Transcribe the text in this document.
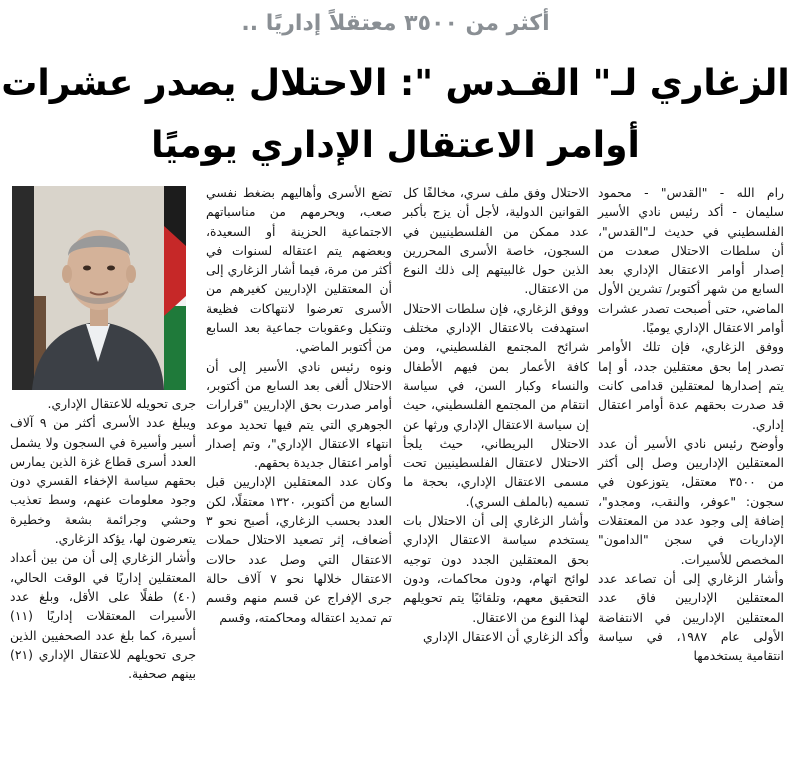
أكثر من ٣٥٠٠ معتقلاً إداريًا ..
الزغاري لـ" القـدس ": الاحتلال يصدر عشرات
أوامر الاعتقال الإداري يوميًا

رام الله - "القدس" - محمود سليمان - أكد رئيس نادي الأسير الفلسطيني في حديث لـ"القدس"، أن سلطات الاحتلال صعدت من إصدار أوامر الاعتقال الإداري بعد السابع من شهر أكتوبر/ تشرين الأول الماضي، حتى أصبحت تصدر عشرات أوامر الاعتقال الإداري يوميًا.

ووفق الزغاري، فإن تلك الأوامر تصدر إما بحق معتقلين جدد، أو إما يتم إصدارها لمعتقلين قدامى كانت قد صدرت بحقهم عدة أوامر اعتقال إداري.

وأوضح رئيس نادي الأسير أن عدد المعتقلين الإداريين وصل إلى أكثر من ٣٥٠٠ معتقل، يتوزعون في سجون: "عوفر، والنقب، ومجدو"، إضافة إلى وجود عدد من المعتقلات الإداريات في سجن "الدامون" المخصص للأسيرات.

وأشار الزغاري إلى أن تصاعد عدد المعتقلين الإداريين فاق عدد المعتقلين الإداريين في الانتفاضة الأولى عام ١٩٨٧، في سياسة انتقامية يستخدمها

الاحتلال وفق ملف سري، مخالفًا كل القوانين الدولية، لأجل أن يزج بأكبر عدد ممكن من الفلسطينيين في السجون، خاصة الأسرى المحررين الذين حول غالبيتهم إلى ذلك النوع من الاعتقال.

ووفق الزغاري، فإن سلطات الاحتلال استهدفت بالاعتقال الإداري مختلف شرائح المجتمع الفلسطيني، ومن كافة الأعمار بمن فيهم الأطفال والنساء وكبار السن، في سياسة انتقام من المجتمع الفلسطيني، حيث إن سياسة الاعتقال الإداري ورثها عن الاحتلال البريطاني، حيث يلجأ الاحتلال لاعتقال الفلسطينيين تحت مسمى الاعتقال الإداري، بحجة ما تسميه (بالملف السري).

وأشار الزغاري إلى أن الاحتلال بات يستخدم سياسة الاعتقال الإداري بحق المعتقلين الجدد دون توجيه لوائح اتهام، ودون محاكمات، ودون التحقيق معهم، وتلقائيًا يتم تحويلهم لهذا النوع من الاعتقال.

وأكد الزغاري أن الاعتقال الإداري

تضع الأسرى وأهاليهم بضغط نفسي صعب، ويحرمهم من مناسباتهم الاجتماعية الحزينة أو السعيدة، وبعضهم يتم اعتقاله لسنوات في أكثر من مرة، فيما أشار الزغاري إلى أن المعتقلين الإداريين كغيرهم من الأسرى تعرضوا لانتهاكات فظيعة وتنكيل وعقوبات جماعية بعد السابع من أكتوبر الماضي.

ونوه رئيس نادي الأسير إلى أن الاحتلال ألغى بعد السابع من أكتوبر، أوامر صدرت بحق الإداريين "قرارات الجوهري التي يتم فيها تحديد موعد انتهاء الاعتقال الإداري"، وتم إصدار أوامر اعتقال جديدة بحقهم.

وكان عدد المعتقلين الإداريين قبل السابع من أكتوبر، ١٣٢٠ معتقلًا، لكن العدد بحسب الزغاري، أصبح نحو ٣ أضعاف، إثر تصعيد الاحتلال حملات الاعتقال التي وصل عدد حالات الاعتقال خلالها نحو ٧ آلاف حالة جرى الإفراج عن قسم منهم وقسم تم تمديد اعتقاله ومحاكمته، وقسم

جرى تحويله للاعتقال الإداري.

ويبلغ عدد الأسرى أكثر من ٩ آلاف أسير وأسيرة في السجون ولا يشمل العدد أسرى قطاع غزة الذين يمارس بحقهم سياسة الإخفاء القسري دون وجود معلومات عنهم، وسط تعذيب وحشي وجرائمة بشعة وخطيرة يتعرضون لها، يؤكد الزغاري.

وأشار الزغاري إلى أن من بين أعداد المعتقلين إداريًا في الوقت الحالي، (٤٠) طفلًا على الأقل، وبلغ عدد الأسيرات المعتقلات إداريًا (١١) أسيرة، كما بلغ عدد الصحفيين الذين جرى تحويلهم للاعتقال الإداري (٢١) بينهم صحفية.
